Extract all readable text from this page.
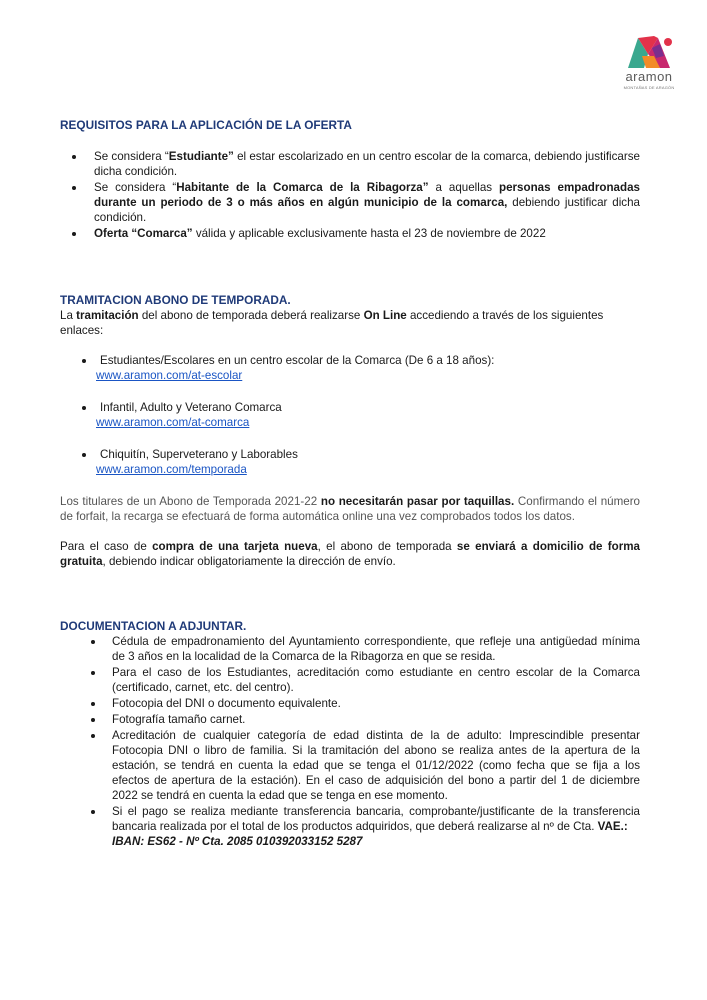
aramon
MONTAÑAS DE ARAGÓN

REQUISITOS PARA LA APLICACIÓN DE LA OFERTA

Se considera “Estudiante” el estar escolarizado en un centro escolar de la comarca, debiendo justificarse dicha condición.
Se considera “Habitante de la Comarca de la Ribagorza” a aquellas personas empadronadas durante un periodo de 3 o más años en algún municipio de la comarca, debiendo justificar dicha condición.
Oferta “Comarca” válida y aplicable exclusivamente hasta el 23 de noviembre de 2022

TRAMITACION ABONO DE TEMPORADA.

La tramitación del abono de temporada deberá realizarse On Line accediendo a través de los siguientes enlaces:
Estudiantes/Escolares en un centro escolar de la Comarca (De 6 a 18 años):
www.aramon.com/at-escolar
Infantil, Adulto y Veterano Comarca
www.aramon.com/at-comarca
Chiquitín, Superveterano y Laborables
www.aramon.com/temporada
Los titulares de un Abono de Temporada 2021-22 no necesitarán pasar por taquillas. Confirmando el número de forfait, la recarga se efectuará de forma automática online una vez comprobados todos los datos.
Para el caso de compra de una tarjeta nueva, el abono de temporada se enviará a domicilio de forma gratuita, debiendo indicar obligatoriamente la dirección de envío.

DOCUMENTACION A ADJUNTAR.

Cédula de empadronamiento del Ayuntamiento correspondiente, que refleje una antigüedad mínima de 3 años en la localidad de la Comarca de la Ribagorza en que se resida.
Para el caso de los Estudiantes, acreditación como estudiante en centro escolar de la Comarca (certificado, carnet, etc. del centro).
Fotocopia del DNI o documento equivalente.
Fotografía tamaño carnet.
Acreditación de cualquier categoría de edad distinta de la de adulto: Imprescindible presentar Fotocopia DNI o libro de familia. Si la tramitación del abono se realiza antes de la apertura de la estación, se tendrá en cuenta la edad que se tenga el 01/12/2022 (como fecha que se fija a los efectos de apertura de la estación). En el caso de adquisición del bono a partir del 1 de diciembre 2022 se tendrá en cuenta la edad que se tenga en ese momento.
Si el pago se realiza mediante transferencia bancaria, comprobante/justificante de la transferencia bancaria realizada por el total de los productos adquiridos, que deberá realizarse al nº de Cta. VAE.:
IBAN: ES62 - Nº Cta. 2085 010392033152 5287
